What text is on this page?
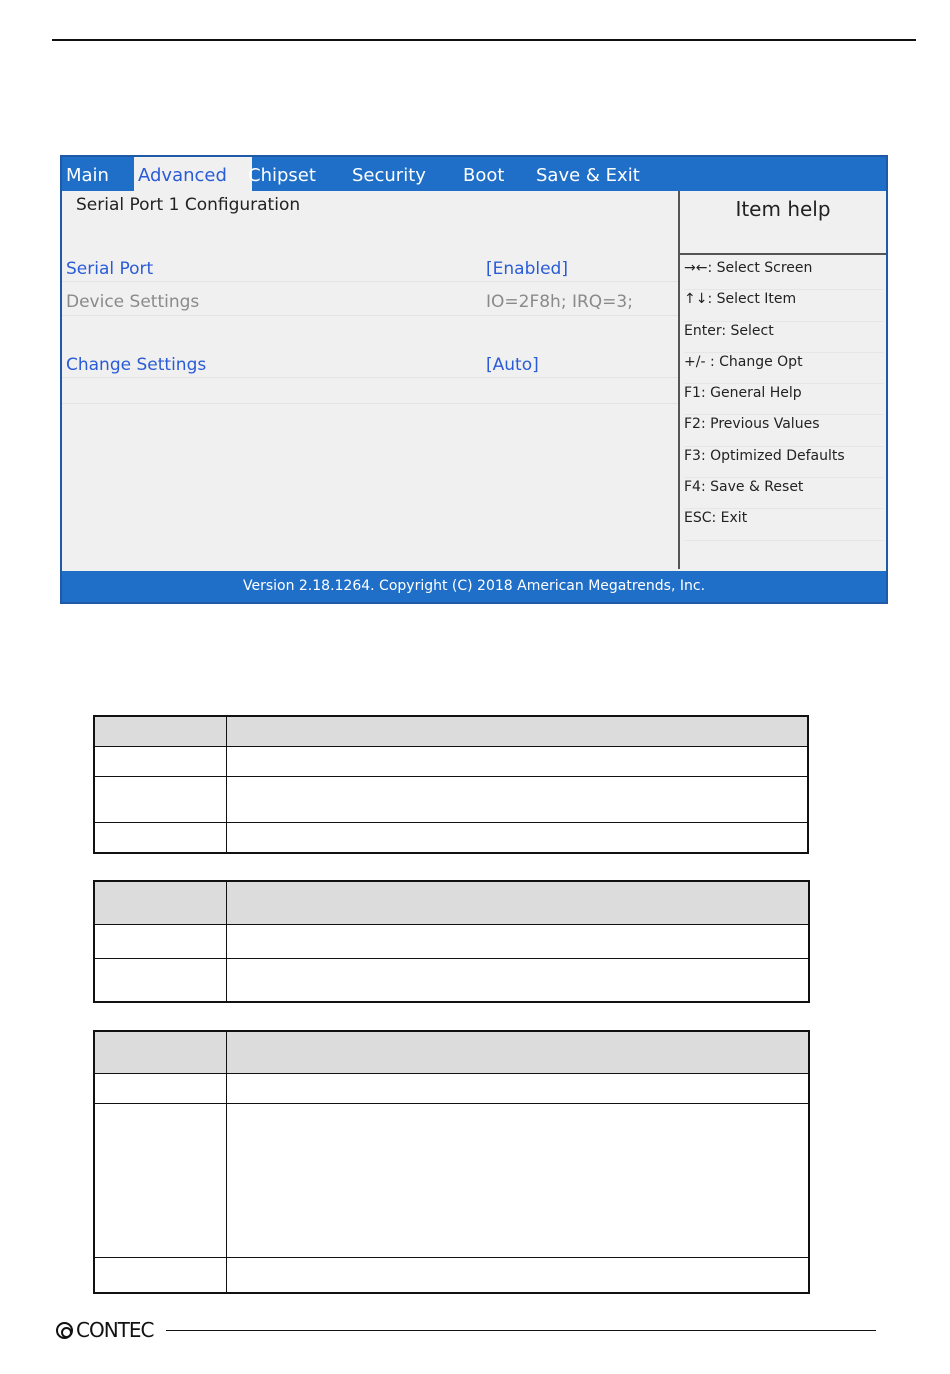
Main Advanced	Chipset Security Boot Save & Exit
Serial Port 1 Configuration
Serial Port	[Enabled]
Device Settings	IO=2F8h; IRQ=3;
Change Settings	[Auto]
Item help
→←: Select Screen
↑↓: Select Item
Enter: Select
+/- : Change Opt
F1: General Help
F2: Previous Values
F3: Optimized Defaults
F4: Save & Reset
ESC: Exit
Version 2.18.1264. Copyright (C) 2018 American Megatrends, Inc.
CONTEC
